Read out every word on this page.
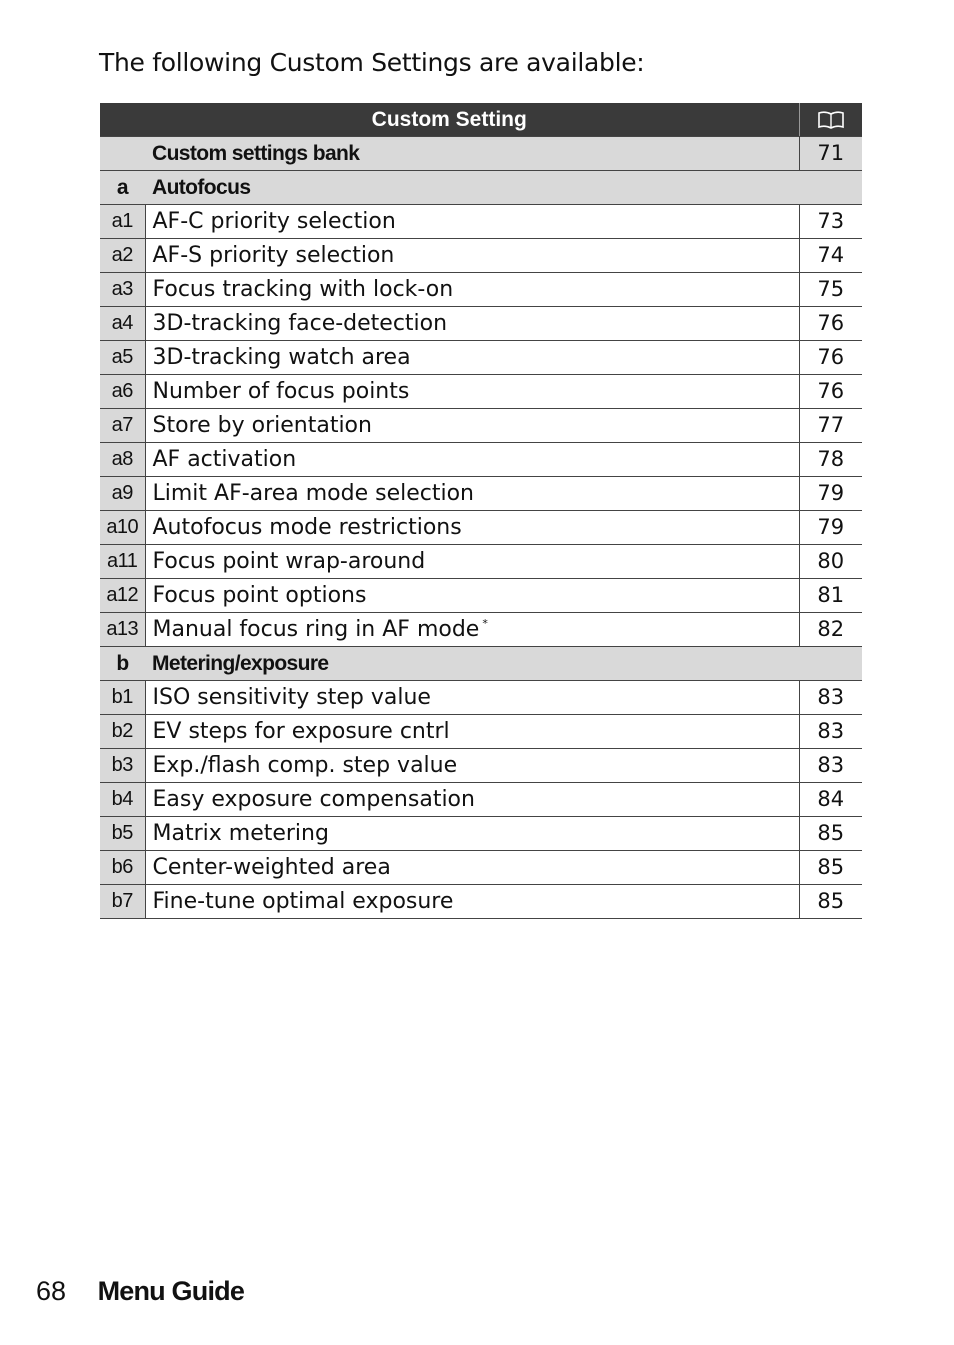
The following Custom Settings are available:
Custom Setting	
	Custom settings bank	71
a	Autofocus	
a1	AF-C priority selection	73
a2	AF-S priority selection	74
a3	Focus tracking with lock-on	75
a4	3D-tracking face-detection	76
a5	3D-tracking watch area	76
a6	Number of focus points	76
a7	Store by orientation	77
a8	AF activation	78
a9	Limit AF-area mode selection	79
a10	Autofocus mode restrictions	79
a11	Focus point wrap-around	80
a12	Focus point options	81
a13	Manual focus ring in AF mode *	82
b	Metering/exposure	
b1	ISO sensitivity step value	83
b2	EV steps for exposure cntrl	83
b3	Exp./flash comp. step value	83
b4	Easy exposure compensation	84
b5	Matrix metering	85
b6	Center-weighted area	85
b7	Fine-tune optimal exposure	85
68 Menu Guide
